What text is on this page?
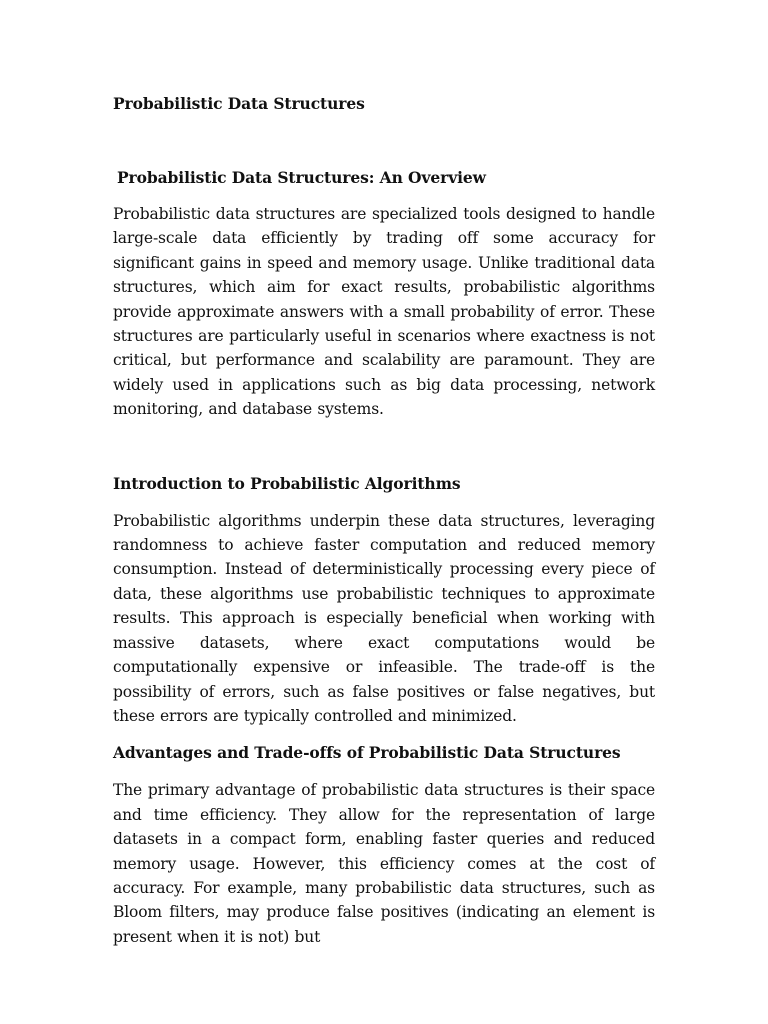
Probabilistic Data Structures
Probabilistic Data Structures: An Overview

Probabilistic data structures are specialized tools designed to handle large-scale data efficiently by trading off some accuracy for significant gains in speed and memory usage. Unlike traditional data structures, which aim for exact results, probabilistic algorithms provide approximate answers with a small probability of error. These structures are particularly useful in scenarios where exactness is not critical, but performance and scalability are paramount. They are widely used in applications such as big data processing, network monitoring, and database systems.

Introduction to Probabilistic Algorithms

Probabilistic algorithms underpin these data structures, leveraging randomness to achieve faster computation and reduced memory consumption. Instead of deterministically processing every piece of data, these algorithms use probabilistic techniques to approximate results. This approach is especially beneficial when working with massive datasets, where exact computations would be computationally expensive or infeasible. The trade-off is the possibility of errors, such as false positives or false negatives, but these errors are typically controlled and minimized.

Advantages and Trade-offs of Probabilistic Data Structures

The primary advantage of probabilistic data structures is their space and time efficiency. They allow for the representation of large datasets in a compact form, enabling faster queries and reduced memory usage. However, this efficiency comes at the cost of accuracy. For example, many probabilistic data structures, such as Bloom filters, may produce false positives (indicating an element is present when it is not) but
